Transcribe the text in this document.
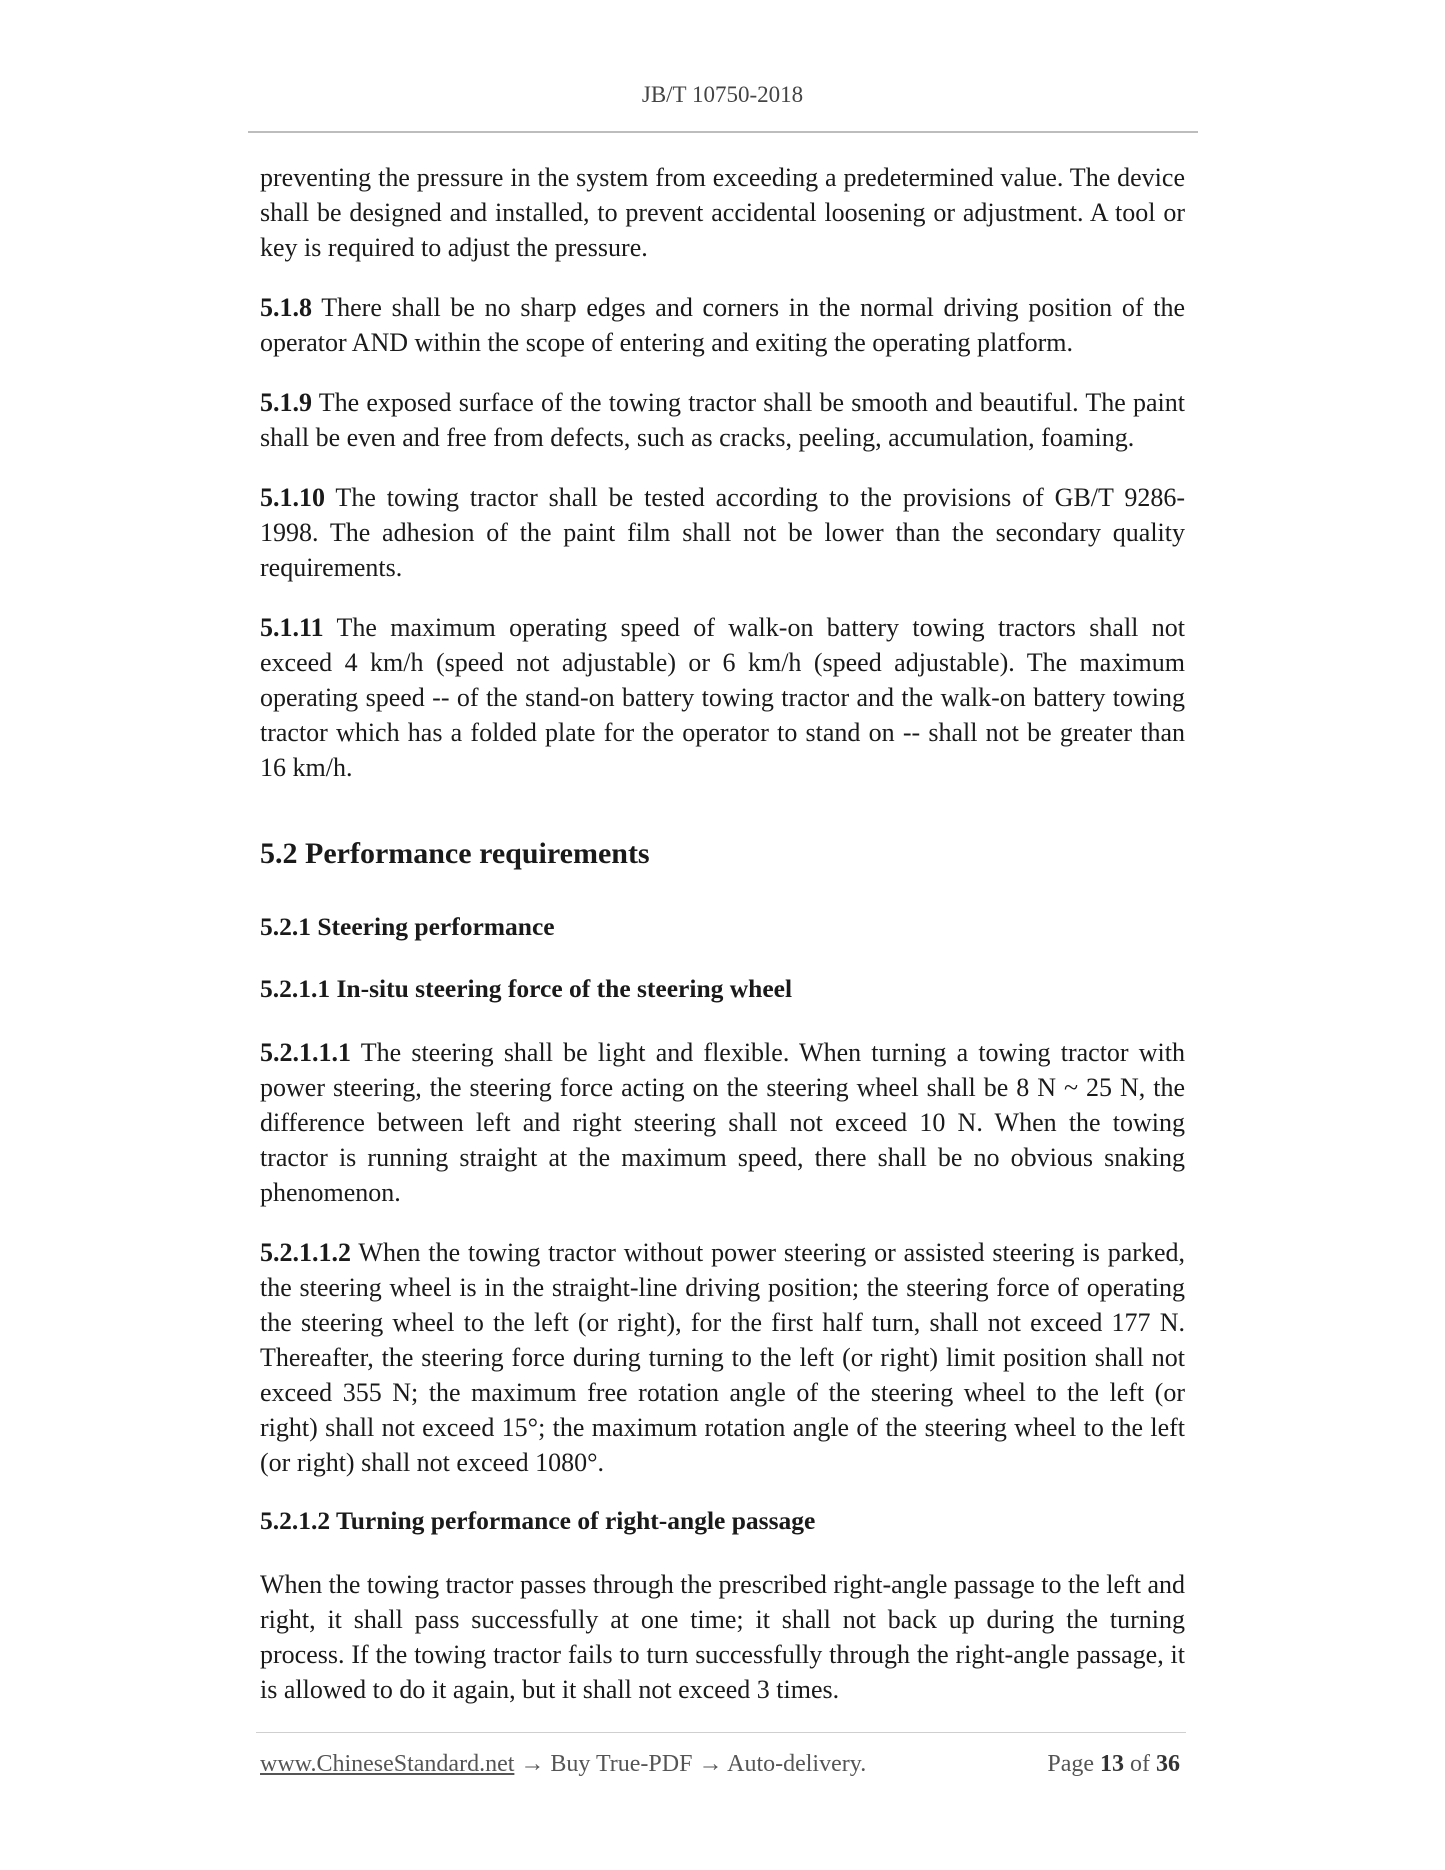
JB/T 10750-2018

preventing the pressure in the system from exceeding a predetermined value. The device shall be designed and installed, to prevent accidental loosening or adjustment. A tool or key is required to adjust the pressure.

5.1.8 There shall be no sharp edges and corners in the normal driving position of the operator AND within the scope of entering and exiting the operating platform.

5.1.9 The exposed surface of the towing tractor shall be smooth and beautiful. The paint shall be even and free from defects, such as cracks, peeling, accumulation, foaming.

5.1.10 The towing tractor shall be tested according to the provisions of GB/T 9286-1998. The adhesion of the paint film shall not be lower than the secondary quality requirements.

5.1.11 The maximum operating speed of walk-on battery towing tractors shall not exceed 4 km/h (speed not adjustable) or 6 km/h (speed adjustable). The maximum operating speed -- of the stand-on battery towing tractor and the walk-on battery towing tractor which has a folded plate for the operator to stand on -- shall not be greater than 16 km/h.

5.2 Performance requirements
5.2.1 Steering performance
5.2.1.1 In-situ steering force of the steering wheel

5.2.1.1.1 The steering shall be light and flexible. When turning a towing tractor with power steering, the steering force acting on the steering wheel shall be 8 N ~ 25 N, the difference between left and right steering shall not exceed 10 N. When the towing tractor is running straight at the maximum speed, there shall be no obvious snaking phenomenon.

5.2.1.1.2 When the towing tractor without power steering or assisted steering is parked, the steering wheel is in the straight-line driving position; the steering force of operating the steering wheel to the left (or right), for the first half turn, shall not exceed 177 N. Thereafter, the steering force during turning to the left (or right) limit position shall not exceed 355 N; the maximum free rotation angle of the steering wheel to the left (or right) shall not exceed 15°; the maximum rotation angle of the steering wheel to the left (or right) shall not exceed 1080°.

5.2.1.2 Turning performance of right-angle passage

When the towing tractor passes through the prescribed right-angle passage to the left and right, it shall pass successfully at one time; it shall not back up during the turning process. If the towing tractor fails to turn successfully through the right-angle passage, it is allowed to do it again, but it shall not exceed 3 times.

www.ChineseStandard.net → Buy True-PDF → Auto-delivery.	Page 13 of 36
